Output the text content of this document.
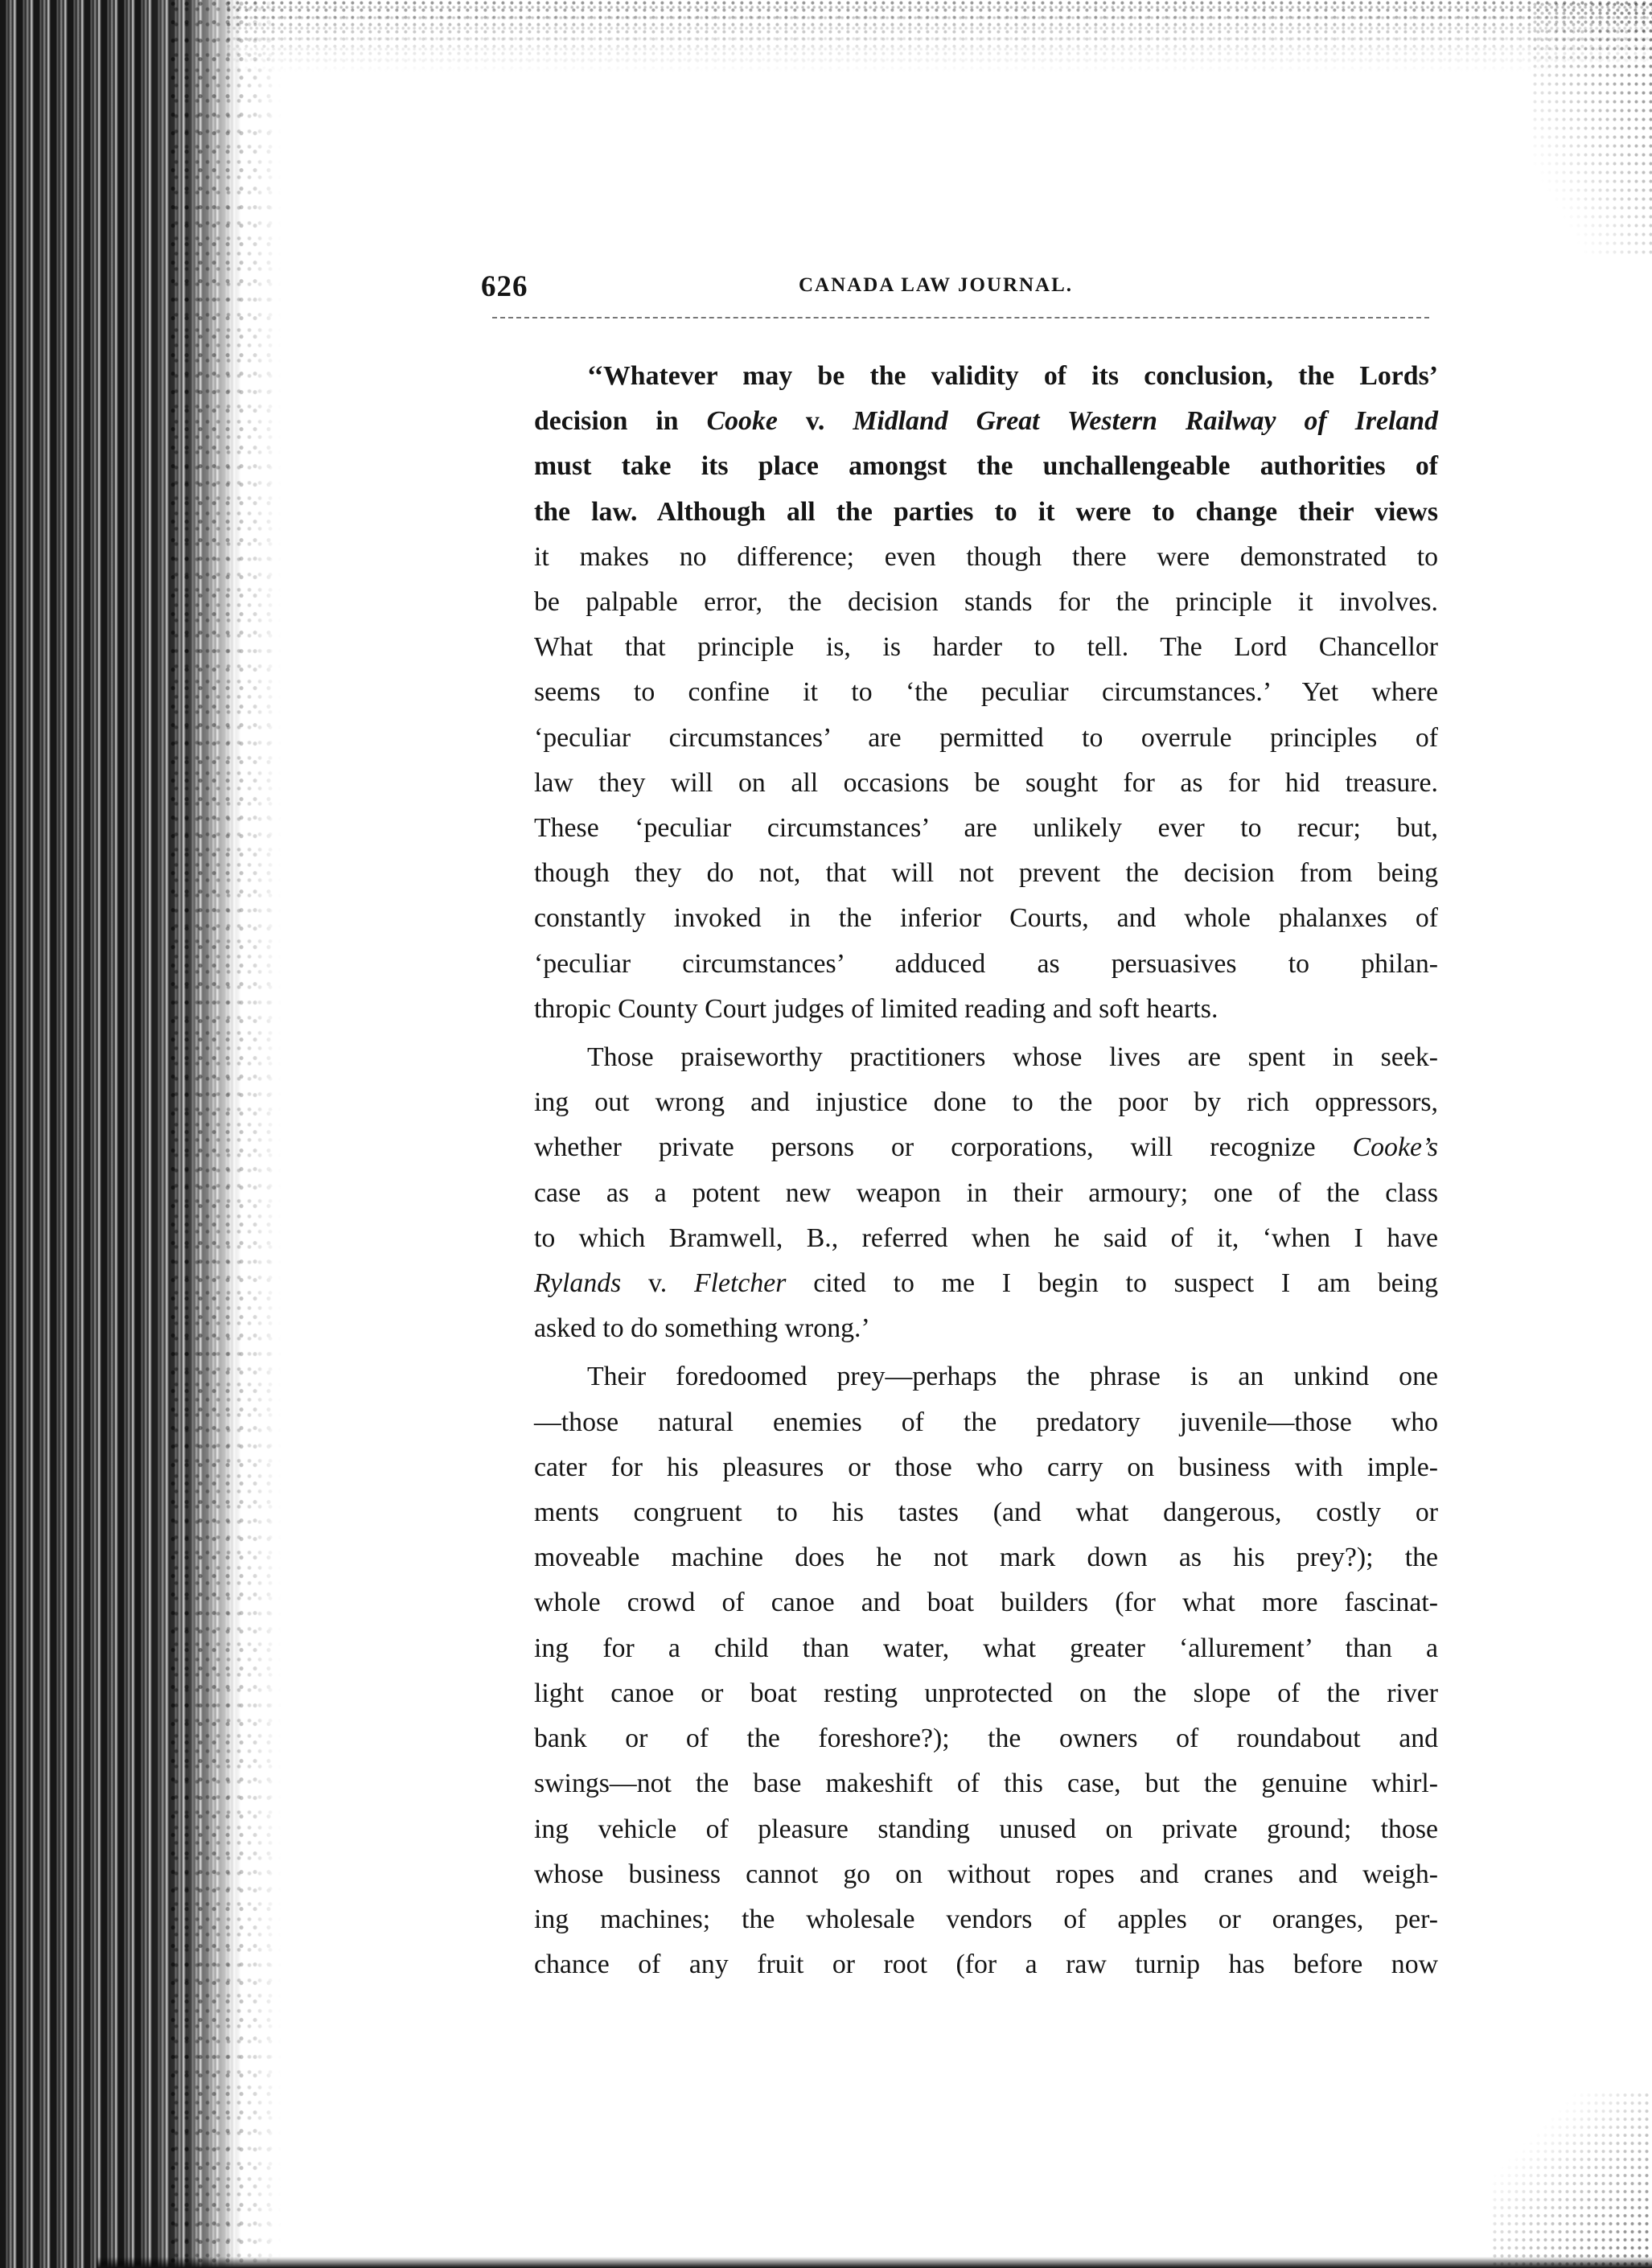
626	CANADA LAW JOURNAL.

‘‘Whatever may be the validity of its conclusion, the Lords’
decision in Cooke v. Midland Great Western Railway of Ireland
must take its place amongst the unchallengeable authorities of
the law. Although all the parties to it were to change their views
it makes no difference; even though there were demonstrated to
be palpable error, the decision stands for the principle it involves.
What that principle is, is harder to tell. The Lord Chancellor
seems to confine it to ‘the peculiar circumstances.’ Yet where
‘peculiar circumstances’ are permitted to overrule principles of
law they will on all occasions be sought for as for hid treasure.
These ‘peculiar circumstances’ are unlikely ever to recur; but,
though they do not, that will not prevent the decision from being
constantly invoked in the inferior Courts, and whole phalanxes of
‘peculiar circumstances’ adduced as persuasives to philan-
thropic County Court judges of limited reading and soft hearts.

Those praiseworthy practitioners whose lives are spent in seek-
ing out wrong and injustice done to the poor by rich oppressors,
whether private persons or corporations, will recognize Cooke’s
case as a potent new weapon in their armoury; one of the class
to which Bramwell, B., referred when he said of it, ‘when I have
Rylands v. Fletcher cited to me I begin to suspect I am being
asked to do something wrong.’

Their foredoomed prey—perhaps the phrase is an unkind one
—those natural enemies of the predatory juvenile—those who
cater for his pleasures or those who carry on business with imple-
ments congruent to his tastes (and what dangerous, costly or
moveable machine does he not mark down as his prey?); the
whole crowd of canoe and boat builders (for what more fascinat-
ing for a child than water, what greater ‘allurement’ than a
light canoe or boat resting unprotected on the slope of the river
bank or of the foreshore?); the owners of roundabout and
swings—not the base makeshift of this case, but the genuine whirl-
ing vehicle of pleasure standing unused on private ground; those
whose business cannot go on without ropes and cranes and weigh-
ing machines; the wholesale vendors of apples or oranges, per-
chance of any fruit or root (for a raw turnip has before now
